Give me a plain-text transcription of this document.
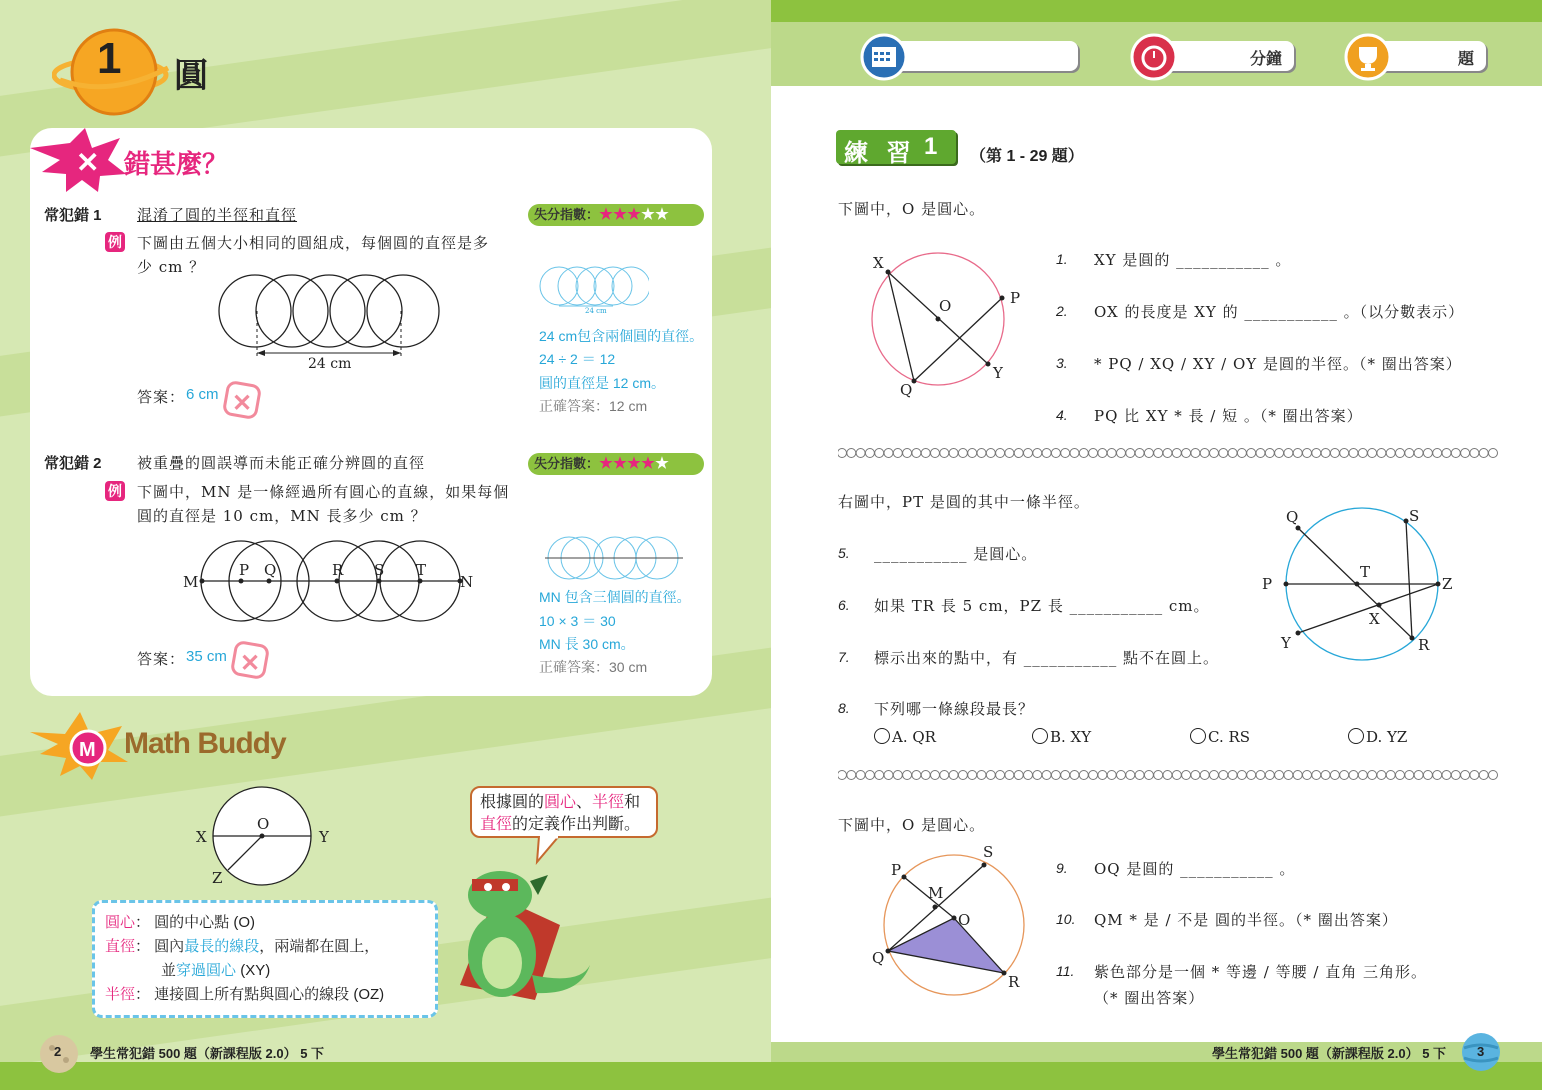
1 圓
✕ 錯甚麼？
常犯錯 1 混淆了圓的半徑和直徑	失分指數：★★★★★
例 下圖由五個大小相同的圓組成，每個圓的直徑是多
少 cm ？
24 cm
24 cm
24 cm包含兩個圓的直徑。
24 ÷ 2 ＝ 12
圓的直徑是 12 cm。
正確答案：12 cm
答案： 6 cm ✕
常犯錯 2 被重疊的圓誤導而未能正確分辨圓的直徑	失分指數：★★★★★
例 下圖中，MN 是一條經過所有圓心的直線，如果每個
圓的直徑是 10 cm，MN 長多少 cm ？
M
P Q	R S T
N
MN 包含三個圓的直徑。
10 × 3 ＝ 30
MN 長 30 cm。
正確答案：30 cm
答案： 35 cm ✕
M Math Buddy
O
X	Y
Z
根據圓的圓心、半徑和直徑的定義作出判斷。
圓心： 圓的中心點 (O)
直徑： 圓內最長的線段，兩端都在圓上，
並穿過圓心 (XY)
半徑： 連接圓上所有點與圓心的線段 (OZ)
2 學生常犯錯 500 題（新課程版 2.0） 5 下
分鐘	題
練 習 1 （第 1 - 29 題）
下圖中，O 是圓心。
X
O	P
Q
Y
1. XY 是圓的 ___________ 。
2. OX 的長度是 XY 的 ___________ 。（以分數表示）
3. * PQ / XQ / XY / OY 是圓的半徑。（* 圈出答案）
4. PQ 比 XY * 長 / 短 。（* 圈出答案）
右圖中，PT 是圓的其中一條半徑。
Q	S
T
P	Z
X
Y	R
5. ___________ 是圓心。
6. 如果 TR 長 5 cm，PZ 長 ___________ cm。
7. 標示出來的點中，有 ___________ 點不在圓上。
8. 下列哪一條線段最長？
A. QR	B. XY	C. RS	D. YZ
下圖中，O 是圓心。
P
S
M
O
Q
R
9. OQ 是圓的 ___________ 。
10. QM * 是 / 不是 圓的半徑。（* 圈出答案）
11. 紫色部分是一個 * 等邊 / 等腰 / 直角 三角形。
（* 圈出答案）
學生常犯錯 500 題（新課程版 2.0） 5 下 3
